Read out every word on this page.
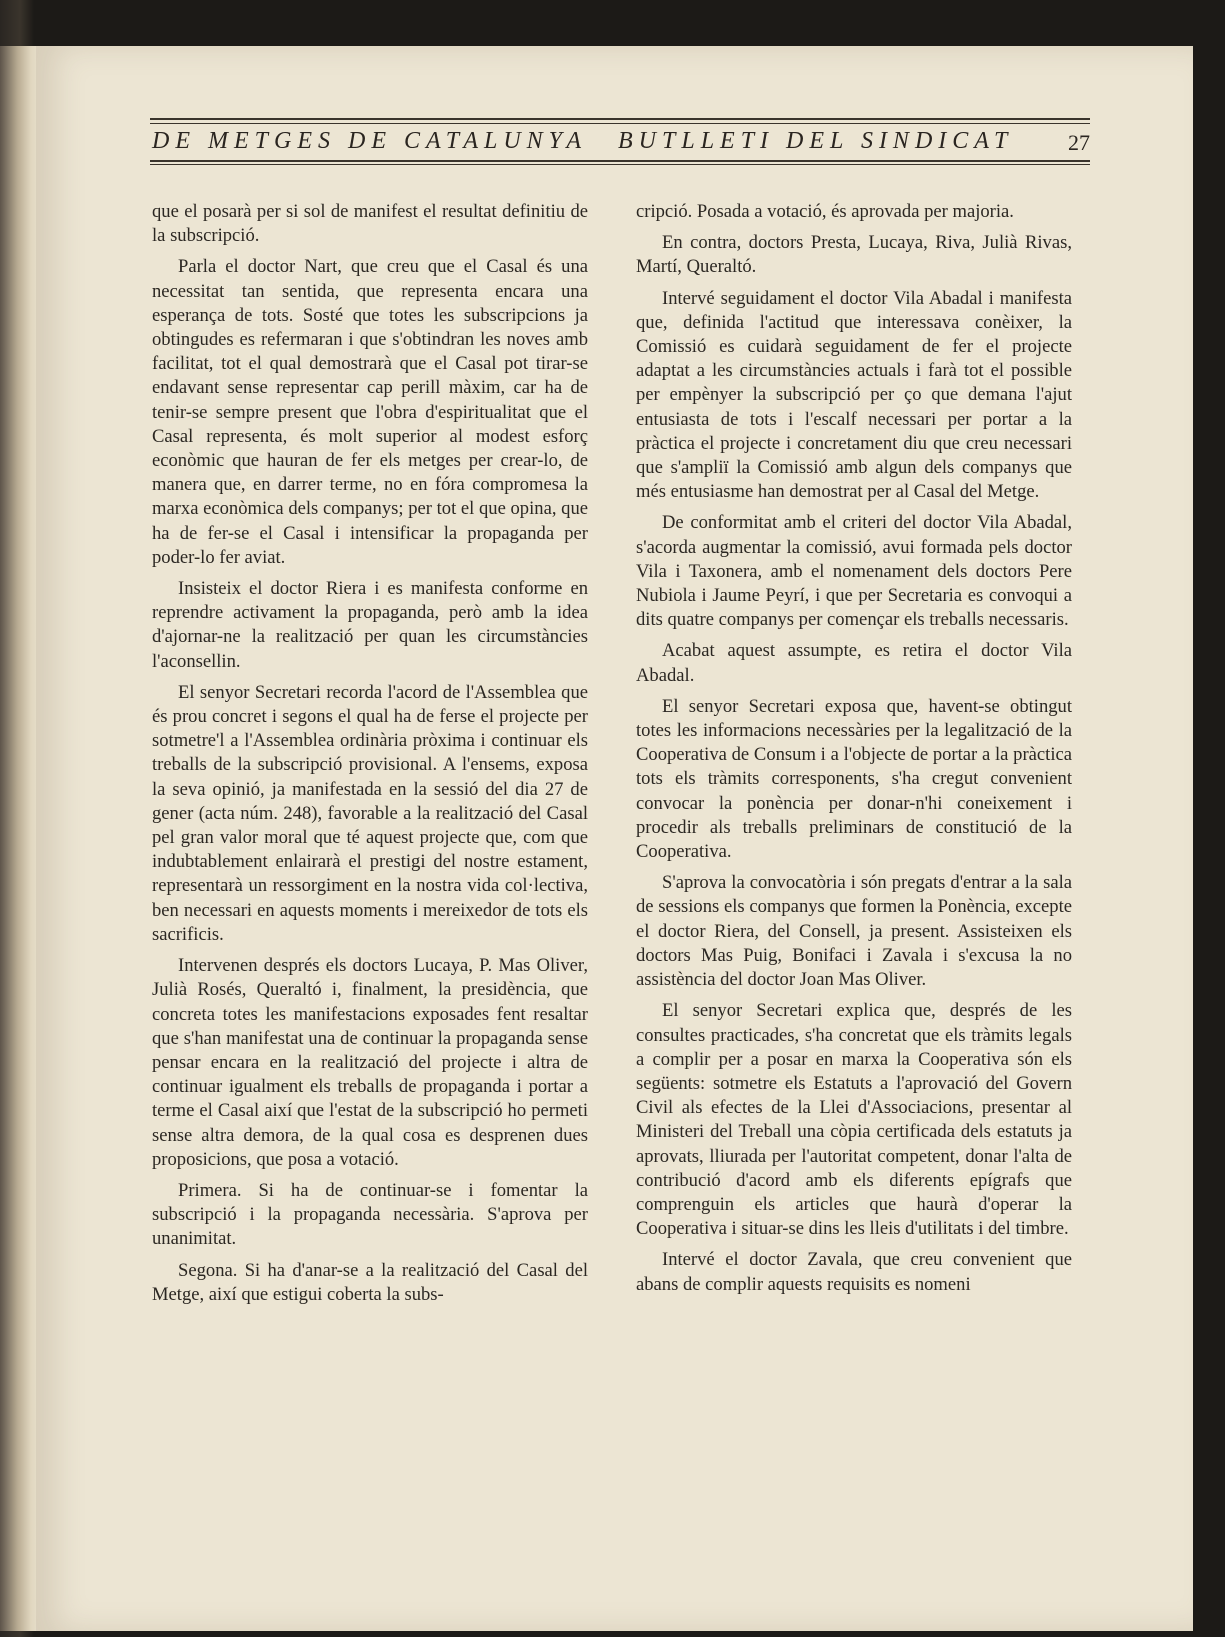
DE METGES DE CATALUNYA BUTLLETI DEL SINDICAT 27

que el posarà per si sol de manifest el resultat definitiu de la subscripció.

Parla el doctor Nart, que creu que el Casal és una necessitat tan sentida, que representa encara una esperança de tots. Sosté que totes les subscripcions ja obtingudes es refermaran i que s'obtindran les noves amb facilitat, tot el qual demostrarà que el Casal pot tirar-se endavant sense representar cap perill màxim, car ha de tenir-se sempre present que l'obra d'espiritualitat que el Casal representa, és molt superior al modest esforç econòmic que hauran de fer els metges per crear-lo, de manera que, en darrer terme, no en fóra compromesa la marxa econòmica dels companys; per tot el que opina, que ha de fer-se el Casal i intensificar la propaganda per poder-lo fer aviat.

Insisteix el doctor Riera i es manifesta conforme en reprendre activament la propaganda, però amb la idea d'ajornar-ne la realització per quan les circumstàncies l'aconsellin.

El senyor Secretari recorda l'acord de l'Assemblea que és prou concret i segons el qual ha de ferse el projecte per sotmetre'l a l'Assemblea ordinària pròxima i continuar els treballs de la subscripció provisional. A l'ensems, exposa la seva opinió, ja manifestada en la sessió del dia 27 de gener (acta núm. 248), favorable a la realització del Casal pel gran valor moral que té aquest projecte que, com que indubtablement enlairarà el prestigi del nostre estament, representarà un ressorgiment en la nostra vida col·lectiva, ben necessari en aquests moments i mereixedor de tots els sacrificis.

Intervenen després els doctors Lucaya, P. Mas Oliver, Julià Rosés, Queraltó i, finalment, la presidència, que concreta totes les manifestacions exposades fent resaltar que s'han manifestat una de continuar la propaganda sense pensar encara en la realització del projecte i altra de continuar igualment els treballs de propaganda i portar a terme el Casal així que l'estat de la subscripció ho permeti sense altra demora, de la qual cosa es desprenen dues proposicions, que posa a votació.

Primera. Si ha de continuar-se i fomentar la subscripció i la propaganda necessària. S'aprova per unanimitat.

Segona. Si ha d'anar-se a la realització del Casal del Metge, així que estigui coberta la subs-

cripció. Posada a votació, és aprovada per majoria.

En contra, doctors Presta, Lucaya, Riva, Julià Rivas, Martí, Queraltó.

Intervé seguidament el doctor Vila Abadal i manifesta que, definida l'actitud que interessava conèixer, la Comissió es cuidarà seguidament de fer el projecte adaptat a les circumstàncies actuals i farà tot el possible per empènyer la subscripció per ço que demana l'ajut entusiasta de tots i l'escalf necessari per portar a la pràctica el projecte i concretament diu que creu necessari que s'ampliï la Comissió amb algun dels companys que més entusiasme han demostrat per al Casal del Metge.

De conformitat amb el criteri del doctor Vila Abadal, s'acorda augmentar la comissió, avui formada pels doctor Vila i Taxonera, amb el nomenament dels doctors Pere Nubiola i Jaume Peyrí, i que per Secretaria es convoqui a dits quatre companys per començar els treballs necessaris.

Acabat aquest assumpte, es retira el doctor Vila Abadal.

El senyor Secretari exposa que, havent-se obtingut totes les informacions necessàries per la legalització de la Cooperativa de Consum i a l'objecte de portar a la pràctica tots els tràmits corresponents, s'ha cregut convenient convocar la ponència per donar-n'hi coneixement i procedir als treballs preliminars de constitució de la Cooperativa.

S'aprova la convocatòria i són pregats d'entrar a la sala de sessions els companys que formen la Ponència, excepte el doctor Riera, del Consell, ja present. Assisteixen els doctors Mas Puig, Bonifaci i Zavala i s'excusa la no assistència del doctor Joan Mas Oliver.

El senyor Secretari explica que, després de les consultes practicades, s'ha concretat que els tràmits legals a complir per a posar en marxa la Cooperativa són els següents: sotmetre els Estatuts a l'aprovació del Govern Civil als efectes de la Llei d'Associacions, presentar al Ministeri del Treball una còpia certificada dels estatuts ja aprovats, lliurada per l'autoritat competent, donar l'alta de contribució d'acord amb els diferents epígrafs que comprenguin els articles que haurà d'operar la Cooperativa i situar-se dins les lleis d'utilitats i del timbre.

Intervé el doctor Zavala, que creu convenient que abans de complir aquests requisits es nomeni
